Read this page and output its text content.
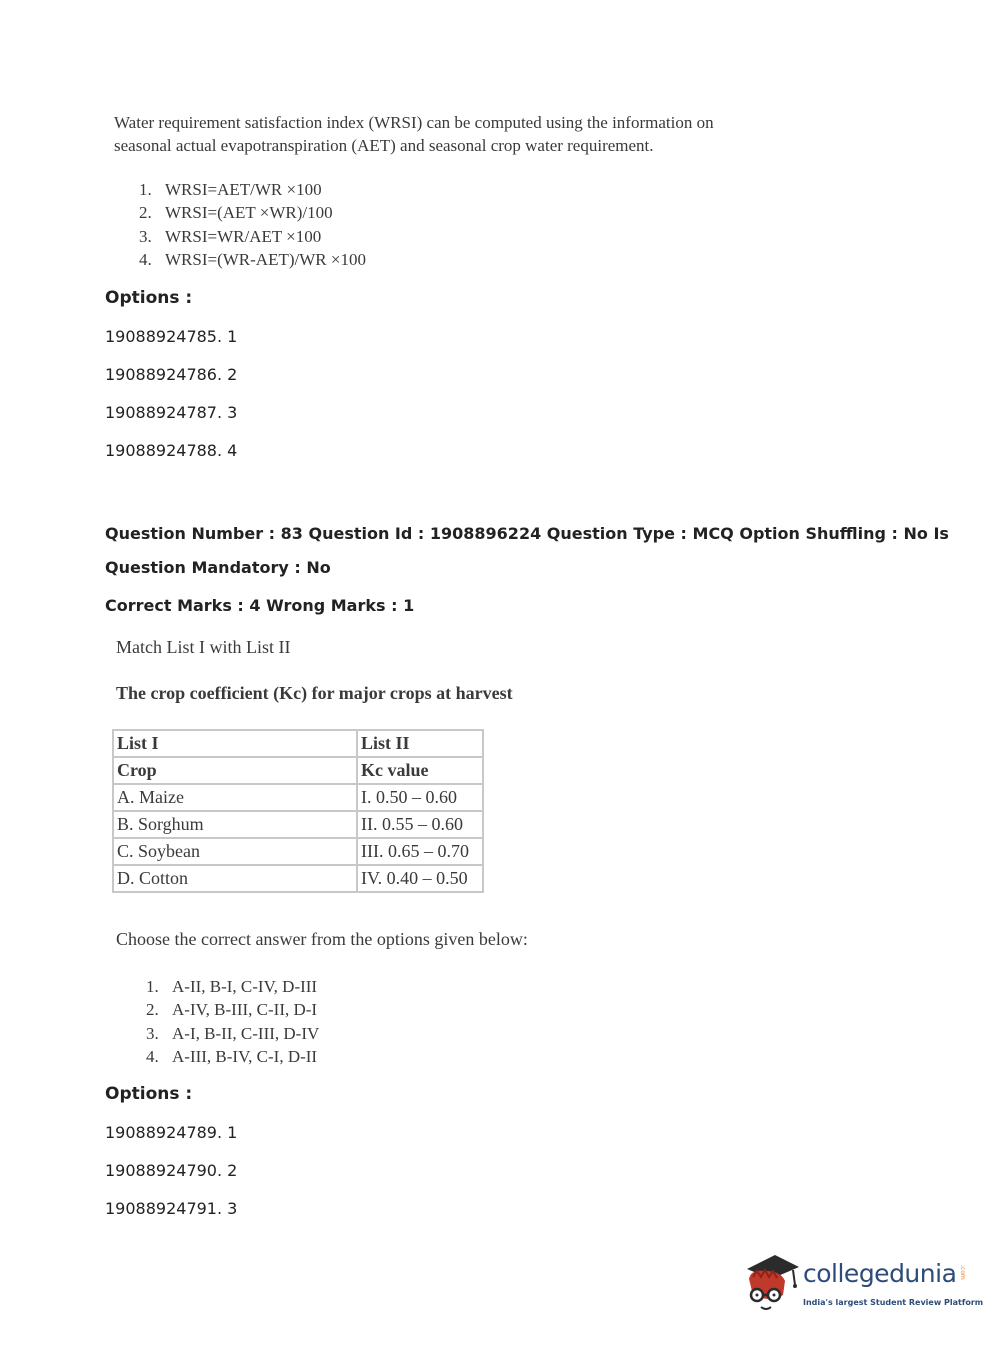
Water requirement satisfaction index (WRSI) can be computed using the information on seasonal actual evapotranspiration (AET) and seasonal crop water requirement.
1. WRSI=AET/WR ×100
2. WRSI=(AET ×WR)/100
3. WRSI=WR/AET ×100
4. WRSI=(WR-AET)/WR ×100
Options :
19088924785. 1
19088924786. 2
19088924787. 3
19088924788. 4
Question Number : 83 Question Id : 1908896224 Question Type : MCQ Option Shuffling : No Is
Question Mandatory : No
Correct Marks : 4 Wrong Marks : 1
Match List I with List II
The crop coefficient (Kc) for major crops at harvest
List I	List II
Crop	Kc value
A. Maize	I. 0.50 – 0.60
B. Sorghum	II. 0.55 – 0.60
C. Soybean	III. 0.65 – 0.70
D. Cotton	IV. 0.40 – 0.50
Choose the correct answer from the options given below:
1. A-II, B-I, C-IV, D-III
2. A-IV, B-III, C-II, D-I
3. A-I, B-II, C-III, D-IV
4. A-III, B-IV, C-I, D-II
Options :
19088924789. 1
19088924790. 2
19088924791. 3
collegedunia .com
India's largest Student Review Platform
